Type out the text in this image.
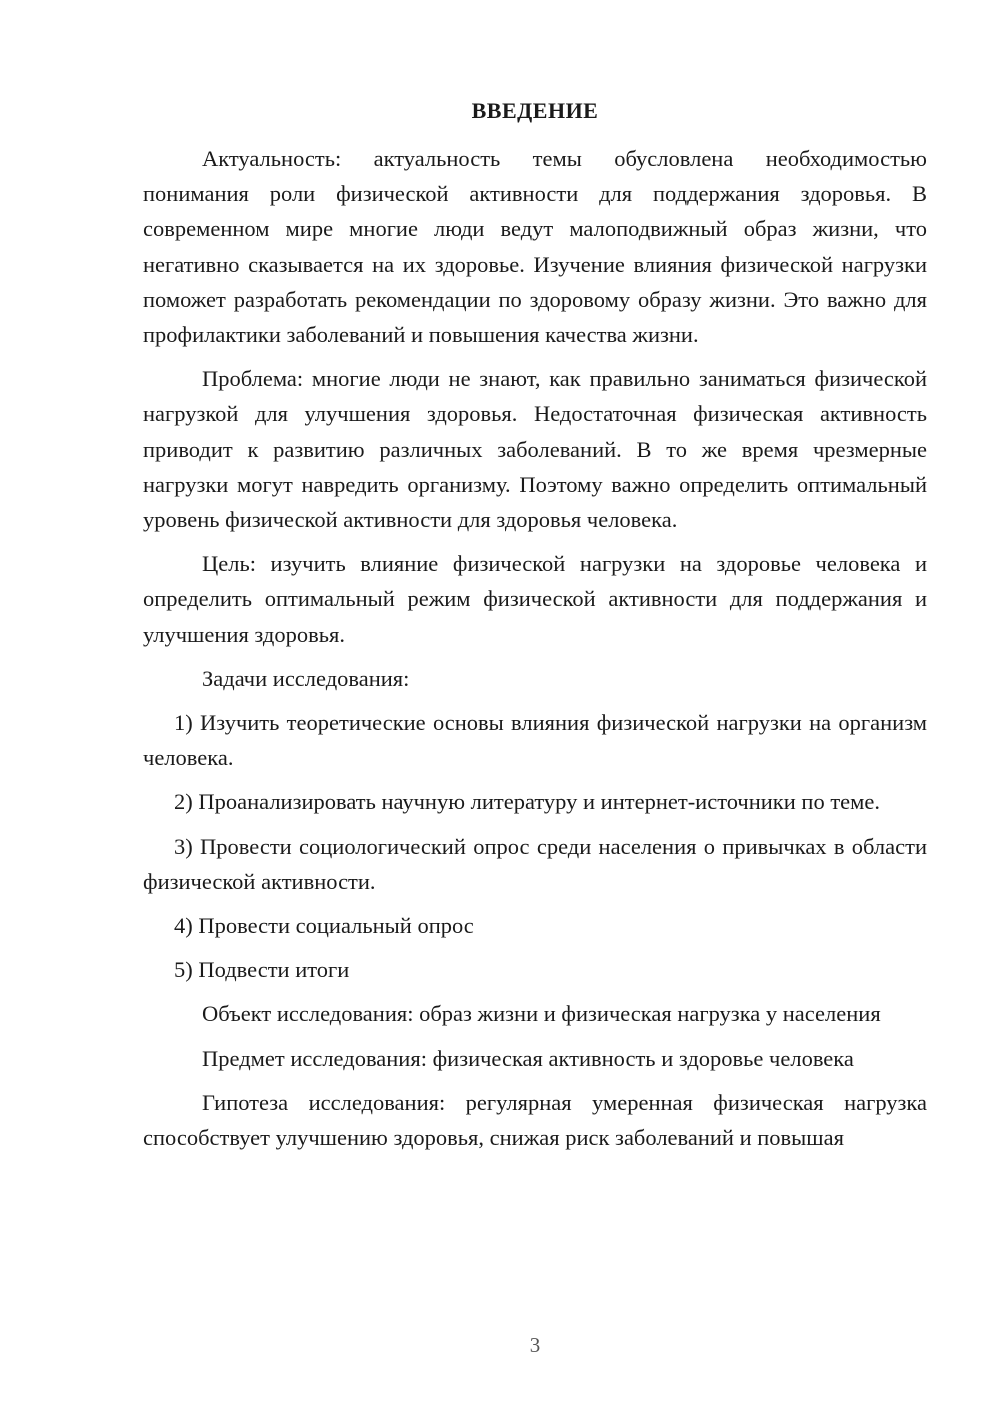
ВВЕДЕНИЕ

Актуальность: актуальность темы обусловлена необходимостью понимания роли физической активности для поддержания здоровья. В современном мире многие люди ведут малоподвижный образ жизни, что негативно сказывается на их здоровье. Изучение влияния физической нагрузки поможет разработать рекомендации по здоровому образу жизни. Это важно для профилактики заболеваний и повышения качества жизни.

Проблема: многие люди не знают, как правильно заниматься физической нагрузкой для улучшения здоровья. Недостаточная физическая активность приводит к развитию различных заболеваний. В то же время чрезмерные нагрузки могут навредить организму. Поэтому важно определить оптимальный уровень физической активности для здоровья человека.

Цель: изучить влияние физической нагрузки на здоровье человека и определить оптимальный режим физической активности для поддержания и улучшения здоровья.

Задачи исследования:

1) Изучить теоретические основы влияния физической нагрузки на организм человека.

2) Проанализировать научную литературу и интернет-источники по теме.

3) Провести социологический опрос среди населения о привычках в области физической активности.

4) Провести социальный опрос

5) Подвести итоги

Объект исследования: образ жизни и физическая нагрузка у населения

Предмет исследования: физическая активность и здоровье человека

Гипотеза исследования: регулярная умеренная физическая нагрузка способствует улучшению здоровья, снижая риск заболеваний и повышая

3
